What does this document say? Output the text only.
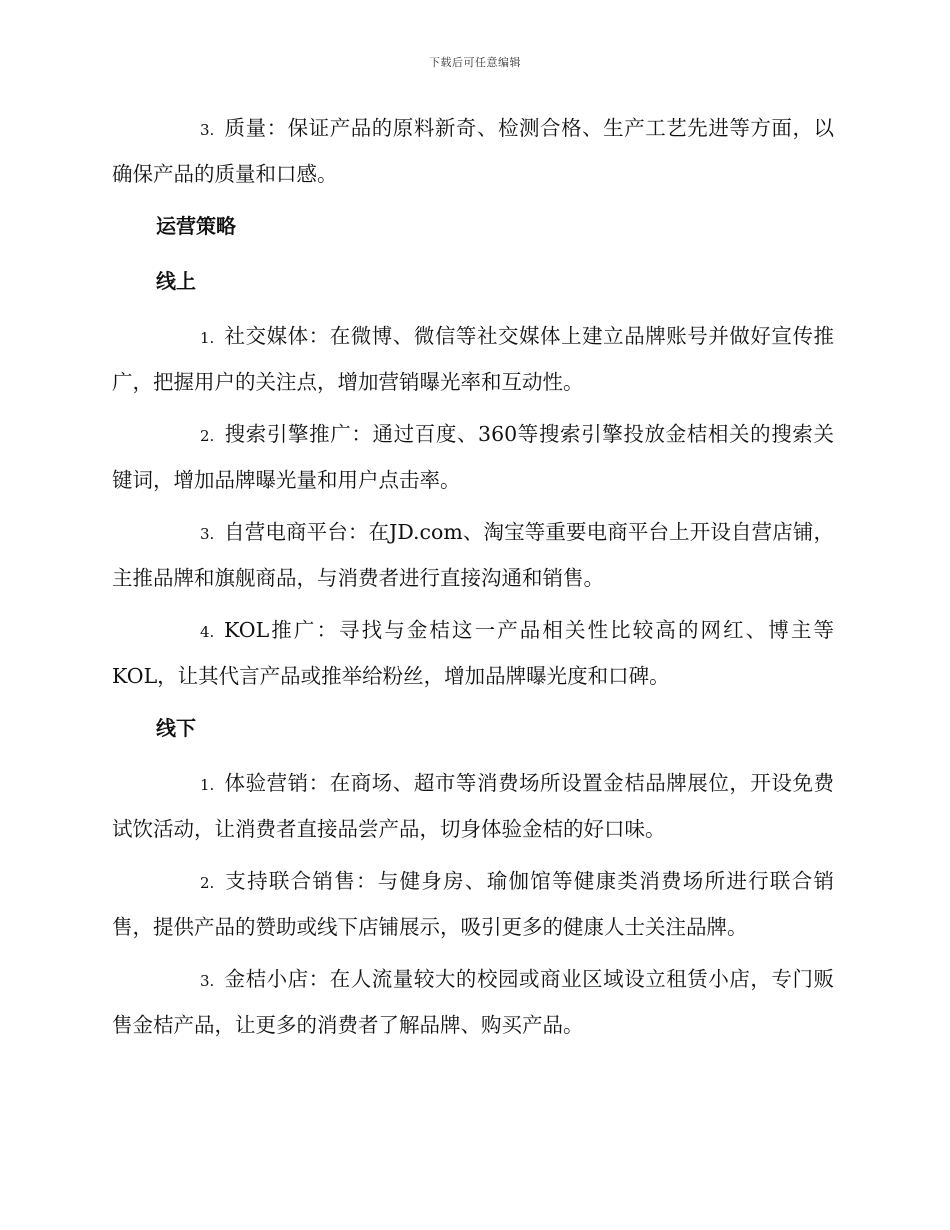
下载后可任意编辑

3. 质量：保证产品的原料新奇、检测合格、生产工艺先进等方面，以确保产品的质量和口感。

运营策略
线上

1. 社交媒体：在微博、微信等社交媒体上建立品牌账号并做好宣传推广，把握用户的关注点，增加营销曝光率和互动性。

2. 搜索引擎推广：通过百度、360等搜索引擎投放金桔相关的搜索关键词，增加品牌曝光量和用户点击率。

3. 自营电商平台：在JD.com、淘宝等重要电商平台上开设自营店铺，主推品牌和旗舰商品，与消费者进行直接沟通和销售。

4. KOL推广：寻找与金桔这一产品相关性比较高的网红、博主等KOL，让其代言产品或推举给粉丝，增加品牌曝光度和口碑。

线下

1. 体验营销：在商场、超市等消费场所设置金桔品牌展位，开设免费试饮活动，让消费者直接品尝产品，切身体验金桔的好口味。

2. 支持联合销售：与健身房、瑜伽馆等健康类消费场所进行联合销售，提供产品的赞助或线下店铺展示，吸引更多的健康人士关注品牌。

3. 金桔小店：在人流量较大的校园或商业区域设立租赁小店，专门贩售金桔产品，让更多的消费者了解品牌、购买产品。
